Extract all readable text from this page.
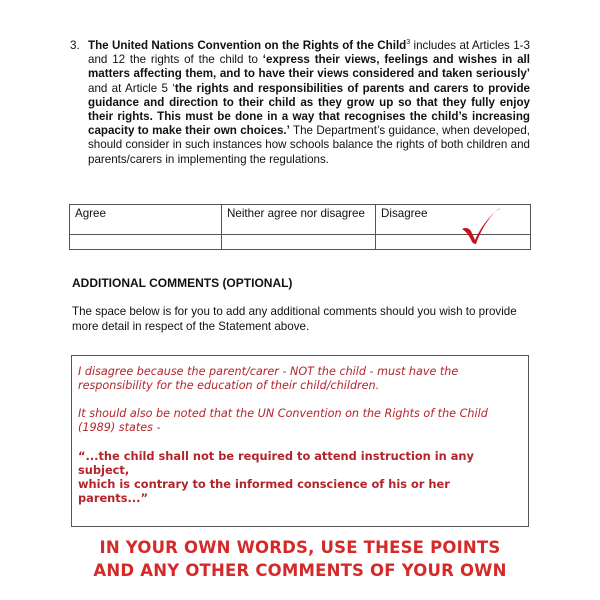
3. The United Nations Convention on the Rights of the Child$^3$ includes at Articles 1-3 and 12 the rights of the child to ‘express their views, feelings and wishes in all matters affecting them, and to have their views considered and taken seriously’ and at Article 5 ‘the rights and responsibilities of parents and carers to provide guidance and direction to their child as they grow up so that they fully enjoy their rights. This must be done in a way that recognises the child’s increasing capacity to make their own choices.’ The Department’s guidance, when developed, should consider in such instances how schools balance the rights of both children and parents/carers in implementing the regulations.
Agree	Neither agree nor disagree	Disagree

ADDITIONAL COMMENTS (OPTIONAL)
The space below is for you to add any additional comments should you wish to provide more detail in respect of the Statement above.

I disagree because the parent/carer - NOT the child - must have the

responsibility for the education of their child/children.

It should also be noted that the UN Convention on the Rights of the Child

(1989) states -

“...the child shall not be required to attend instruction in any subject,

which is contrary to the informed conscience of his or her parents...”

IN YOUR OWN WORDS, USE THESE POINTS
AND ANY OTHER COMMENTS OF YOUR OWN
